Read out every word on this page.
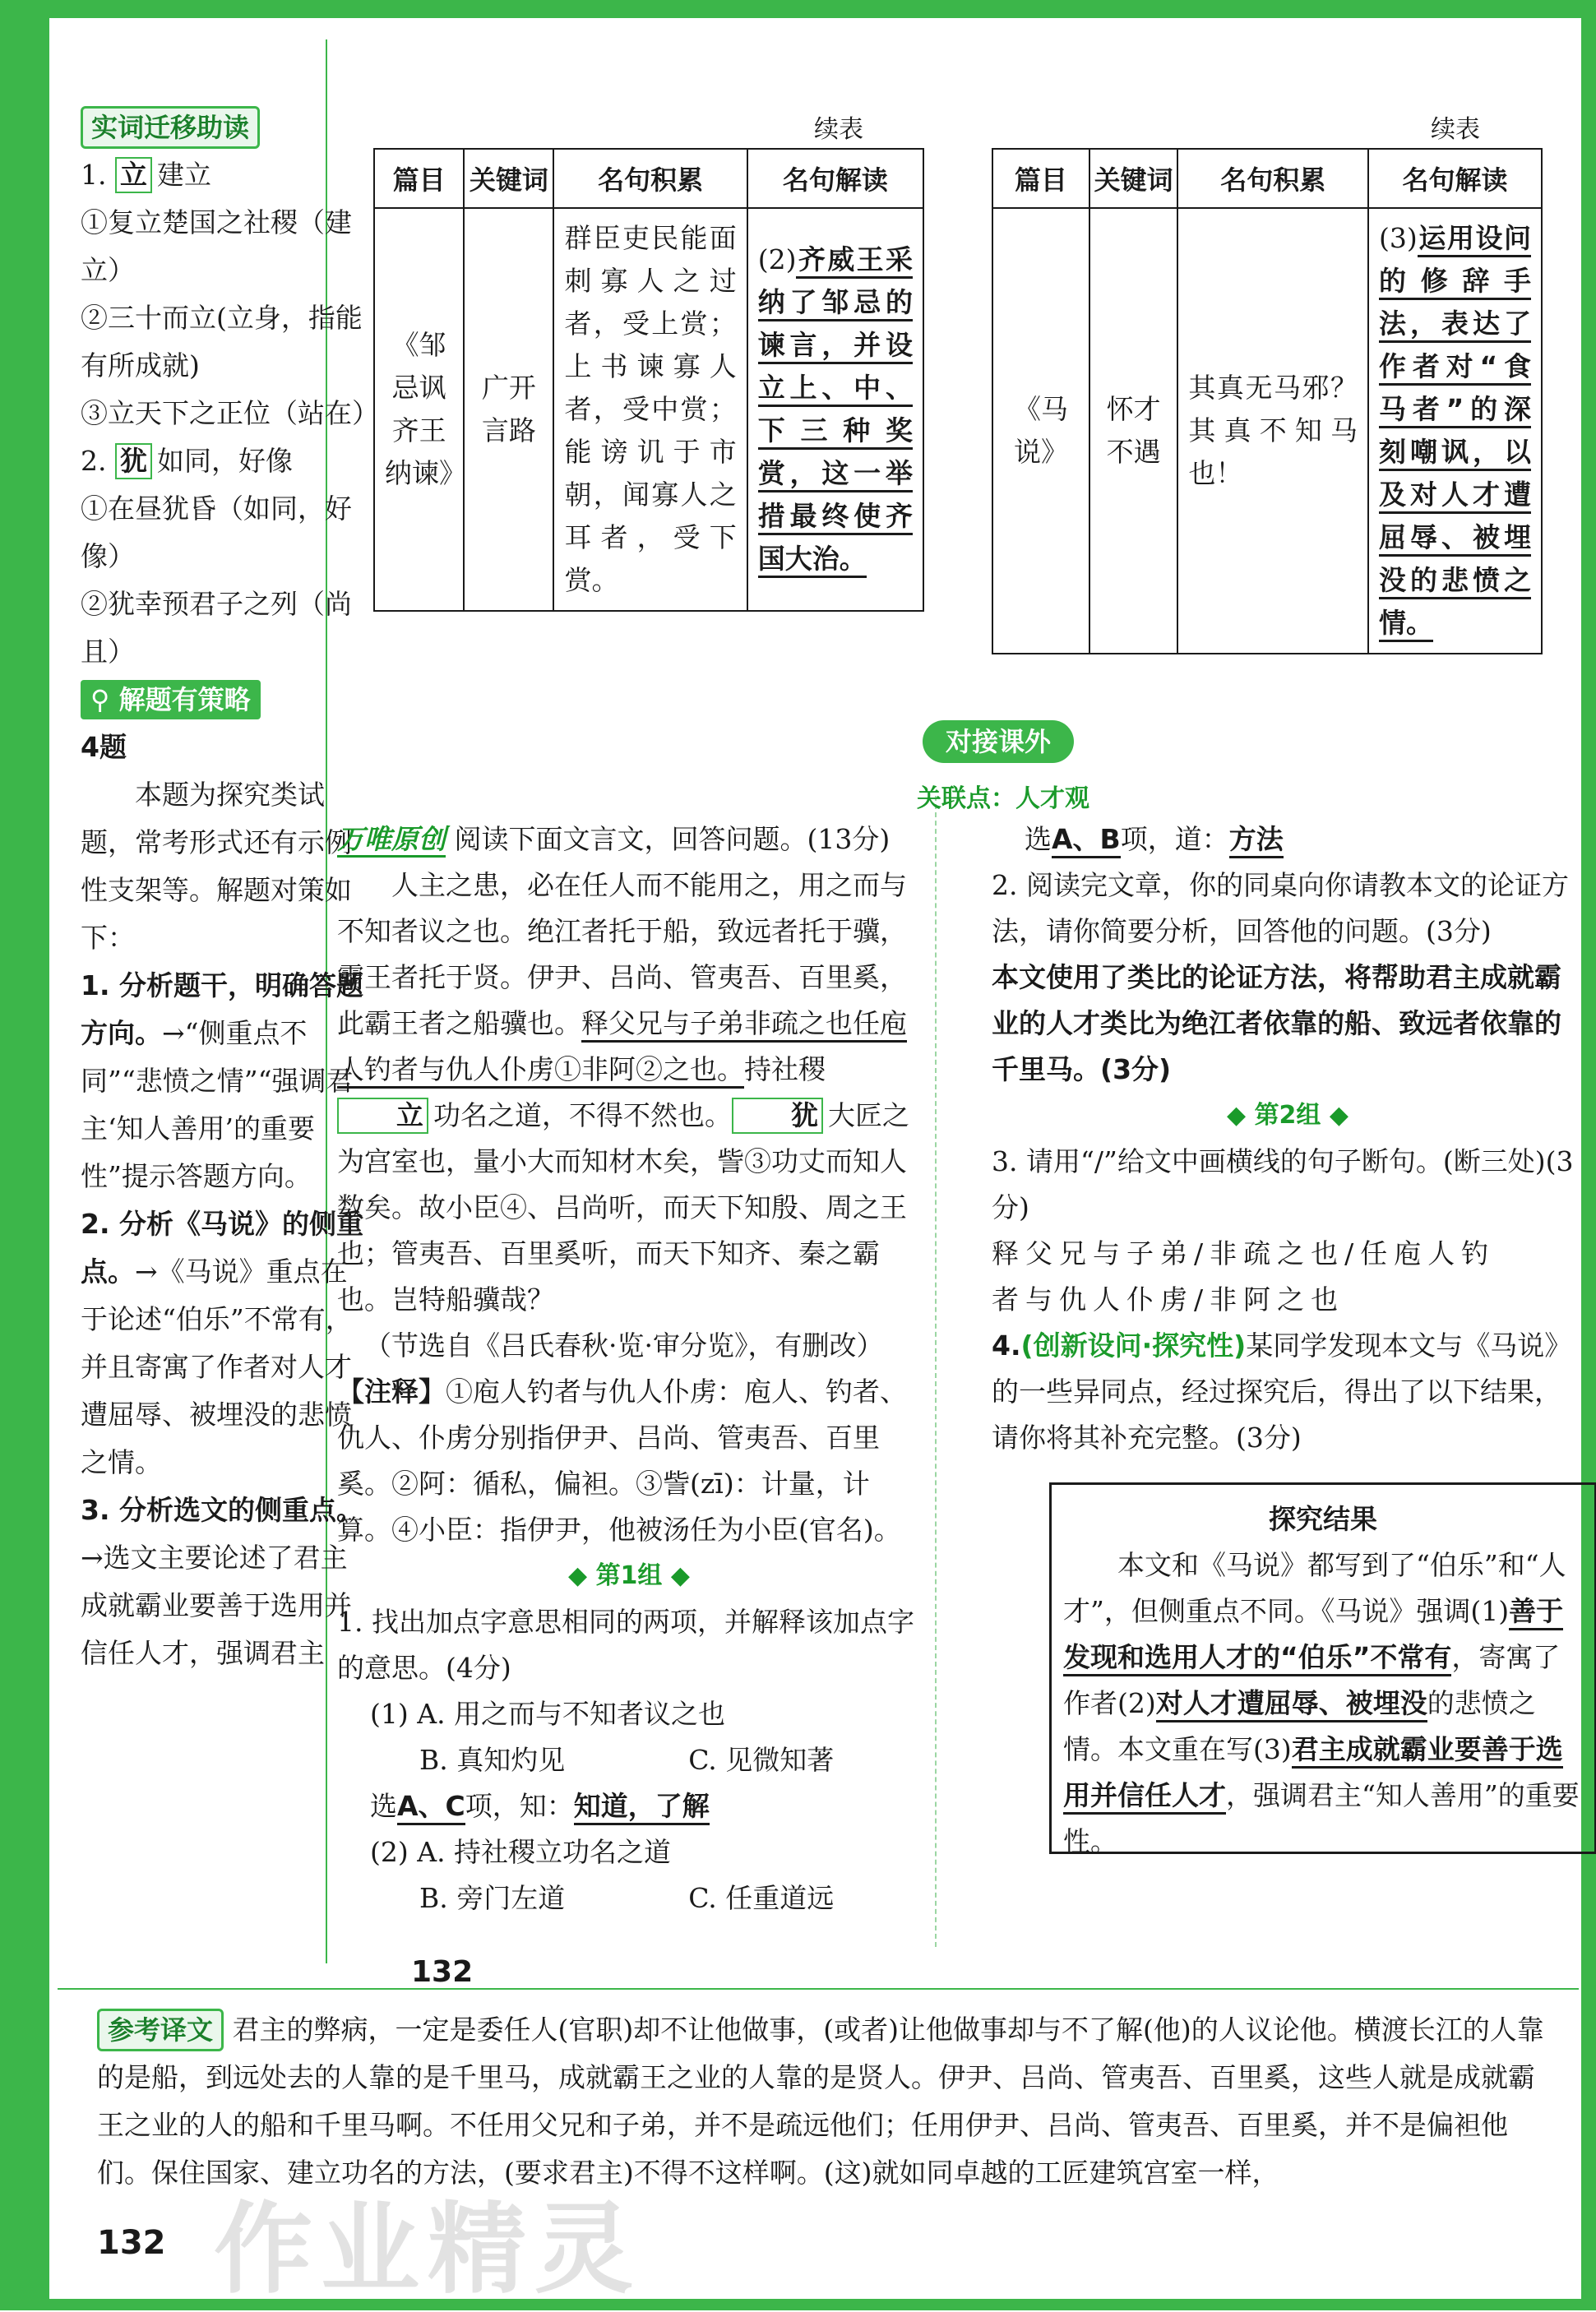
实词迁移助读

1. 立 建立

①复立楚国之社稷（建立）

②三十而立(立身，指能有所成就)

③立天下之正位（站在）

2. 犹 如同，好像

①在昼犹昏（如同，好像）

②犹幸预君子之列（尚且）

⚲ 解题有策略

4题

本题为探究类试题，常考形式还有示例性支架等。解题对策如下：

1. 分析题干，明确答题方向。→“侧重点不同”“悲愤之情”“强调君主‘知人善用’的重要性”提示答题方向。

2. 分析《马说》的侧重点。→《马说》重点在于论述“伯乐”不常有，并且寄寓了作者对人才遭屈辱、被埋没的悲愤之情。

3. 分析选文的侧重点。→选文主要论述了君主成就霸业要善于选用并信任人才，强调君主

续表
篇目	关键词	名句积累	名句解读
《邹忌讽齐王纳谏》	广开言路	群臣吏民能面刺寡人之过者，受上赏；上书谏寡人者，受中赏；能谤讥于市朝，闻寡人之耳者，受下赏。	(2)齐威王采纳了邹忌的谏言，并设立上、中、下三种奖赏，这一举措最终使齐国大治。
续表
篇目	关键词	名句积累	名句解读
《马说》	怀才不遇	其真无马邪？其真不知马也！	(3)运用设问的修辞手法，表达了作者对“食马者”的深刻嘲讽，以及对人才遭屈辱、被埋没的悲愤之情。
对接课外
关联点：人才观

万唯原创 阅读下面文言文，回答问题。(13分)

人主之患，必在任人而不能用之，用之而与不知者议之也。绝江者托于船，致远者托于骥，霸王者托于贤。伊尹、吕尚、管夷吾、百里奚，此霸王者之船骥也。释父兄与子弟非疏之也任庖人钓者与仇人仆虏①非阿②之也。持社稷立 功名之道，不得不然也。 犹 大匠之为宫室也，量小大而知材木矣，訾③功丈而知人数矣。故小臣④、吕尚听，而天下知殷、周之王也；管夷吾、百里奚听，而天下知齐、秦之霸也。岂特船骥哉？

（节选自《吕氏春秋·览·审分览》，有删改）

【注释】①庖人钓者与仇人仆虏：庖人、钓者、仇人、仆虏分别指伊尹、吕尚、管夷吾、百里奚。②阿：循私，偏袒。③訾(zī)：计量，计算。④小臣：指伊尹，他被汤任为小臣(官名)。

◆ 第1组 ◆

1. 找出加点字意思相同的两项，并解释该加点字的意思。(4分)

(1) A. 用之而与不知者议之也

B. 真知灼见	C. 见微知著

选A、C项，知：知道，了解

(2) A. 持社稷立功名之道

B. 旁门左道	C. 任重道远

选A、B项，道：方法

2. 阅读完文章，你的同桌向你请教本文的论证方法，请你简要分析，回答他的问题。(3分)

本文使用了类比的论证方法，将帮助君主成就霸业的人才类比为绝江者依靠的船、致远者依靠的千里马。(3分)

◆ 第2组 ◆

3. 请用“/”给文中画横线的句子断句。(断三处)(3分)

释父兄与子弟/非疏之也/任庖人钓

者与仇人仆虏/非阿之也

4.(创新设问·探究性)某同学发现本文与《马说》的一些异同点，经过探究后，得出了以下结果，请你将其补充完整。(3分)

探究结果
本文和《马说》都写到了“伯乐”和“人才”，但侧重点不同。《马说》强调(1)善于发现和选用人才的“伯乐”不常有，寄寓了作者(2)对人才遭屈辱、被埋没的悲愤之情。本文重在写(3)君主成就霸业要善于选用并信任人才，强调君主“知人善用”的重要性。
132

参考译文 君主的弊病，一定是委任人(官职)却不让他做事，(或者)让他做事却与不了解(他)的人议论他。横渡长江的人靠的是船，到远处去的人靠的是千里马，成就霸王之业的人靠的是贤人。伊尹、吕尚、管夷吾、百里奚，这些人就是成就霸王之业的人的船和千里马啊。不任用父兄和子弟，并不是疏远他们；任用伊尹、吕尚、管夷吾、百里奚，并不是偏袒他们。保住国家、建立功名的方法，(要求君主)不得不这样啊。(这)就如同卓越的工匠建筑宫室一样，

作业精灵
132
